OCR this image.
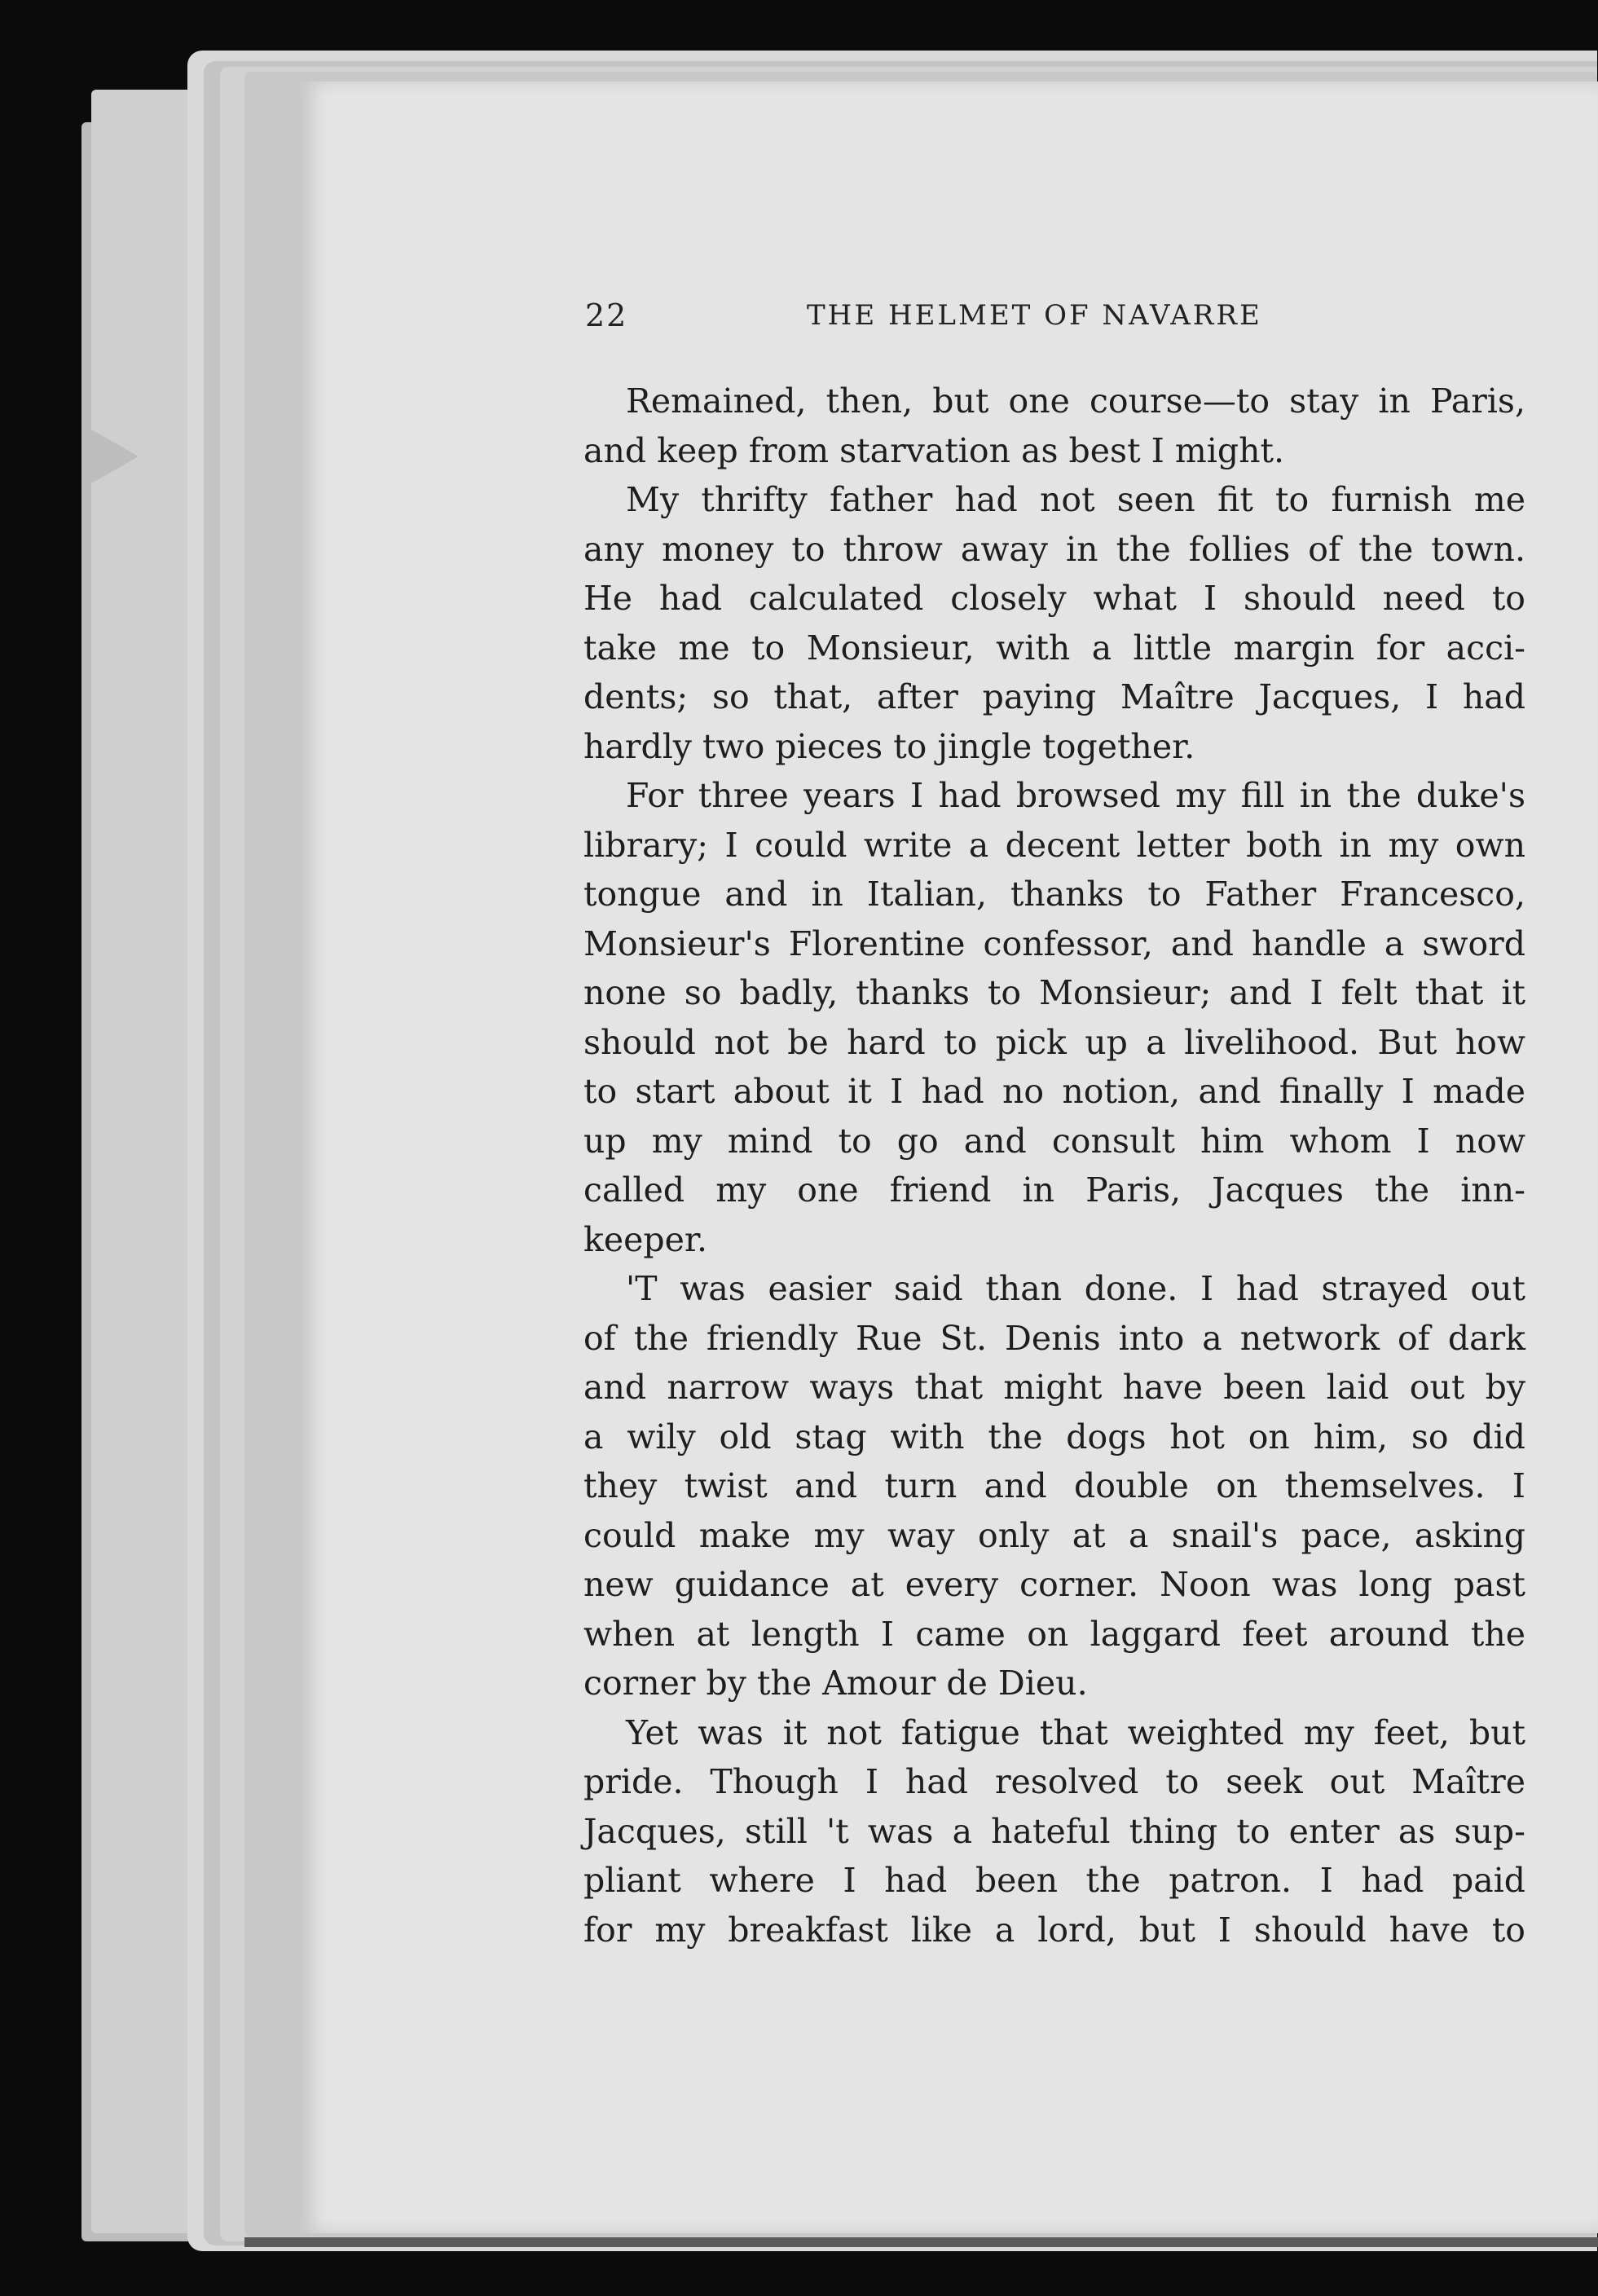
22	THE HELMET OF NAVARRE
Remained, then, but one course—to stay in Paris,
and keep from starvation as best I might.
My thrifty father had not seen fit to furnish me
any money to throw away in the follies of the town.
He had calculated closely what I should need to
take me to Monsieur, with a little margin for acci-
dents; so that, after paying Maître Jacques, I had
hardly two pieces to jingle together.
For three years I had browsed my fill in the duke's
library; I could write a decent letter both in my own
tongue and in Italian, thanks to Father Francesco,
Monsieur's Florentine confessor, and handle a sword
none so badly, thanks to Monsieur; and I felt that it
should not be hard to pick up a livelihood. But how
to start about it I had no notion, and finally I made
up my mind to go and consult him whom I now
called my one friend in Paris, Jacques the inn-
keeper.
'T was easier said than done. I had strayed out
of the friendly Rue St. Denis into a network of dark
and narrow ways that might have been laid out by
a wily old stag with the dogs hot on him, so did
they twist and turn and double on themselves. I
could make my way only at a snail's pace, asking
new guidance at every corner. Noon was long past
when at length I came on laggard feet around the
corner by the Amour de Dieu.
Yet was it not fatigue that weighted my feet, but
pride. Though I had resolved to seek out Maître
Jacques, still 't was a hateful thing to enter as sup-
pliant where I had been the patron. I had paid
for my breakfast like a lord, but I should have to
